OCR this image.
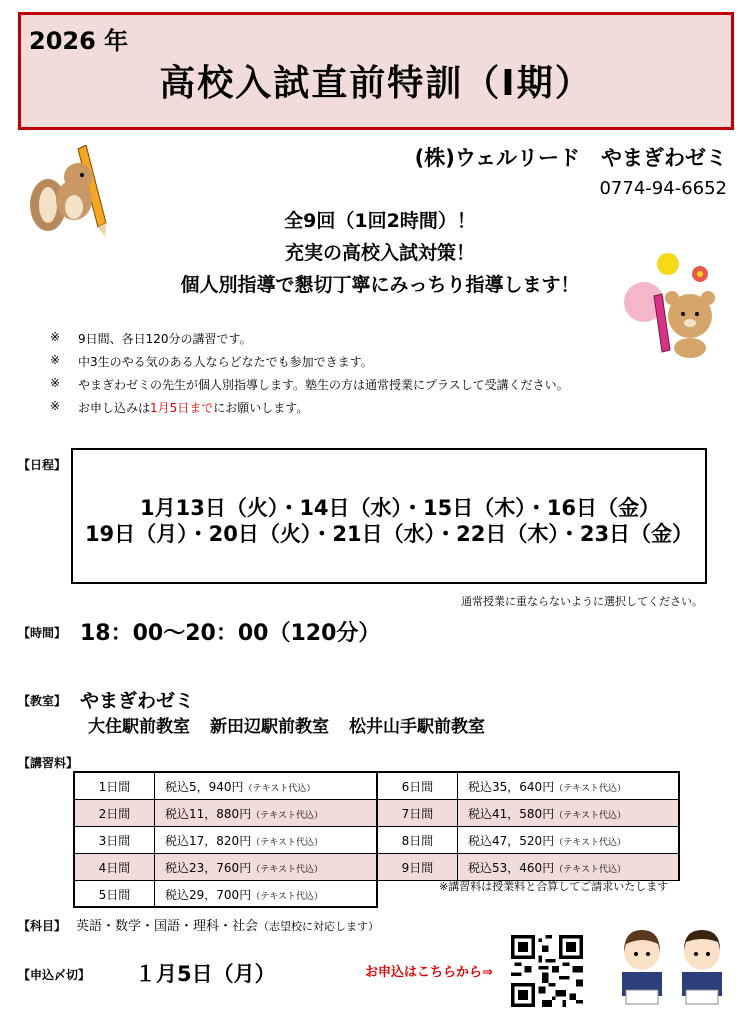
2026 年
高校入試直前特訓（Ⅰ期）
(株)ウェルリード　やまぎわゼミ
0774-94-6652
全9回（1回2時間）！
充実の高校入試対策！
個人別指導で懇切丁寧にみっちり指導します！
※	9日間、各日120分の講習です。
※	中3生のやる気のある人ならどなたでも参加できます。
※	やまぎわゼミの先生が個人別指導します。塾生の方は通常授業にプラスして受講ください。
※	お申し込みは1月5日までにお願いします。
【日程】
1月13日（火）・14日（水）・15日（木）・16日（金）
19日（月）・20日（火）・21日（水）・22日（木）・23日（金）
通常授業に重ならないように選択してください。
【時間】 18：00～20：00（120分）
【教室】 やまぎわゼミ
大住駅前教室 新田辺駅前教室 松井山手駅前教室
【講習料】
1日間	税込5，940円（テキスト代込）
2日間	税込11，880円（テキスト代込）
3日間	税込17，820円（テキスト代込）
4日間	税込23，760円（テキスト代込）
5日間	税込29，700円（テキスト代込）
6日間	税込35，640円（テキスト代込）
7日間	税込41，580円（テキスト代込）
8日間	税込47，520円（テキスト代込）
9日間	税込53，460円（テキスト代込）
※講習料は授業料と合算してご請求いたします
【科目】 英語・数学・国語・理科・社会（志望校に対応します）
【申込〆切】 １月5日（月）	お申込はこちらから⇒
